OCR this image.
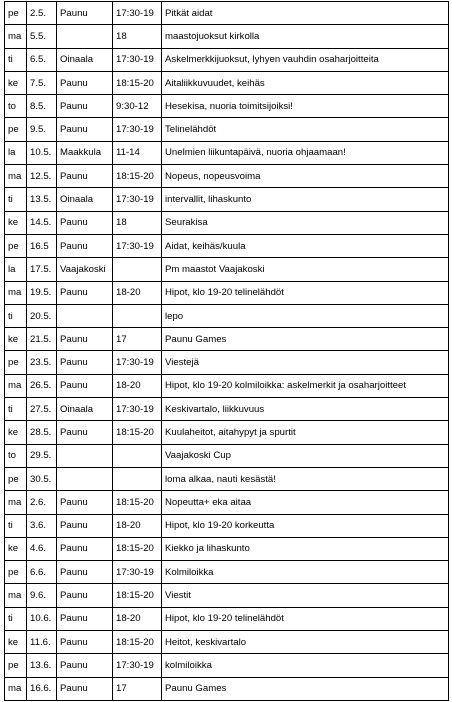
pe	2.5.	Paunu	17:30-19	Pitkät aidat
ma	5.5.		18	maastojuoksut kirkolla
ti	6.5.	Oinaala	17:30-19	Askelmerkkijuoksut, lyhyen vauhdin osaharjoitteita
ke	7.5.	Paunu	18:15-20	Aitaliikkuvuudet, keihäs
to	8.5.	Paunu	9:30-12	Hesekisa, nuoria toimitsijoiksi!
pe	9.5.	Paunu	17:30-19	Telinelähdöt
la	10.5.	Maakkula	11-14	Unelmien liikuntapäivä, nuoria ohjaamaan!
ma	12.5.	Paunu	18:15-20	Nopeus, nopeusvoima
ti	13.5.	Oinaala	17:30-19	intervallit, lihaskunto
ke	14.5.	Paunu	18	Seurakisa
pe	16.5	Paunu	17:30-19	Aidat, keihäs/kuula
la	17.5.	Vaajakoski		Pm maastot Vaajakoski
ma	19.5.	Paunu	18-20	Hipot, klo 19-20 telinelähdöt
ti	20.5.			lepo
ke	21.5.	Paunu	17	Paunu Games
pe	23.5.	Paunu	17:30-19	Viestejä
ma	26.5.	Paunu	18-20	Hipot, klo 19-20 kolmiloikka: askelmerkit ja osaharjoitteet
ti	27.5.	Oinaala	17:30-19	Keskivartalo, liikkuvuus
ke	28.5.	Paunu	18:15-20	Kuulaheitot, aitahypyt ja spurtit
to	29.5.			Vaajakoski Cup
pe	30.5.			loma alkaa, nauti kesästä!
ma	2.6.	Paunu	18:15-20	Nopeutta+ eka aitaa
ti	3.6.	Paunu	18-20	Hipot, klo 19-20 korkeutta
ke	4.6.	Paunu	18:15-20	Kiekko ja lihaskunto
pe	6.6.	Paunu	17:30-19	Kolmiloikka
ma	9.6.	Paunu	18:15-20	Viestit
ti	10.6.	Paunu	18-20	Hipot, klo 19-20 telinelähdöt
ke	11.6.	Paunu	18:15-20	Heitot, keskivartalo
pe	13.6.	Paunu	17:30-19	kolmiloikka
ma	16.6.	Paunu	17	Paunu Games
